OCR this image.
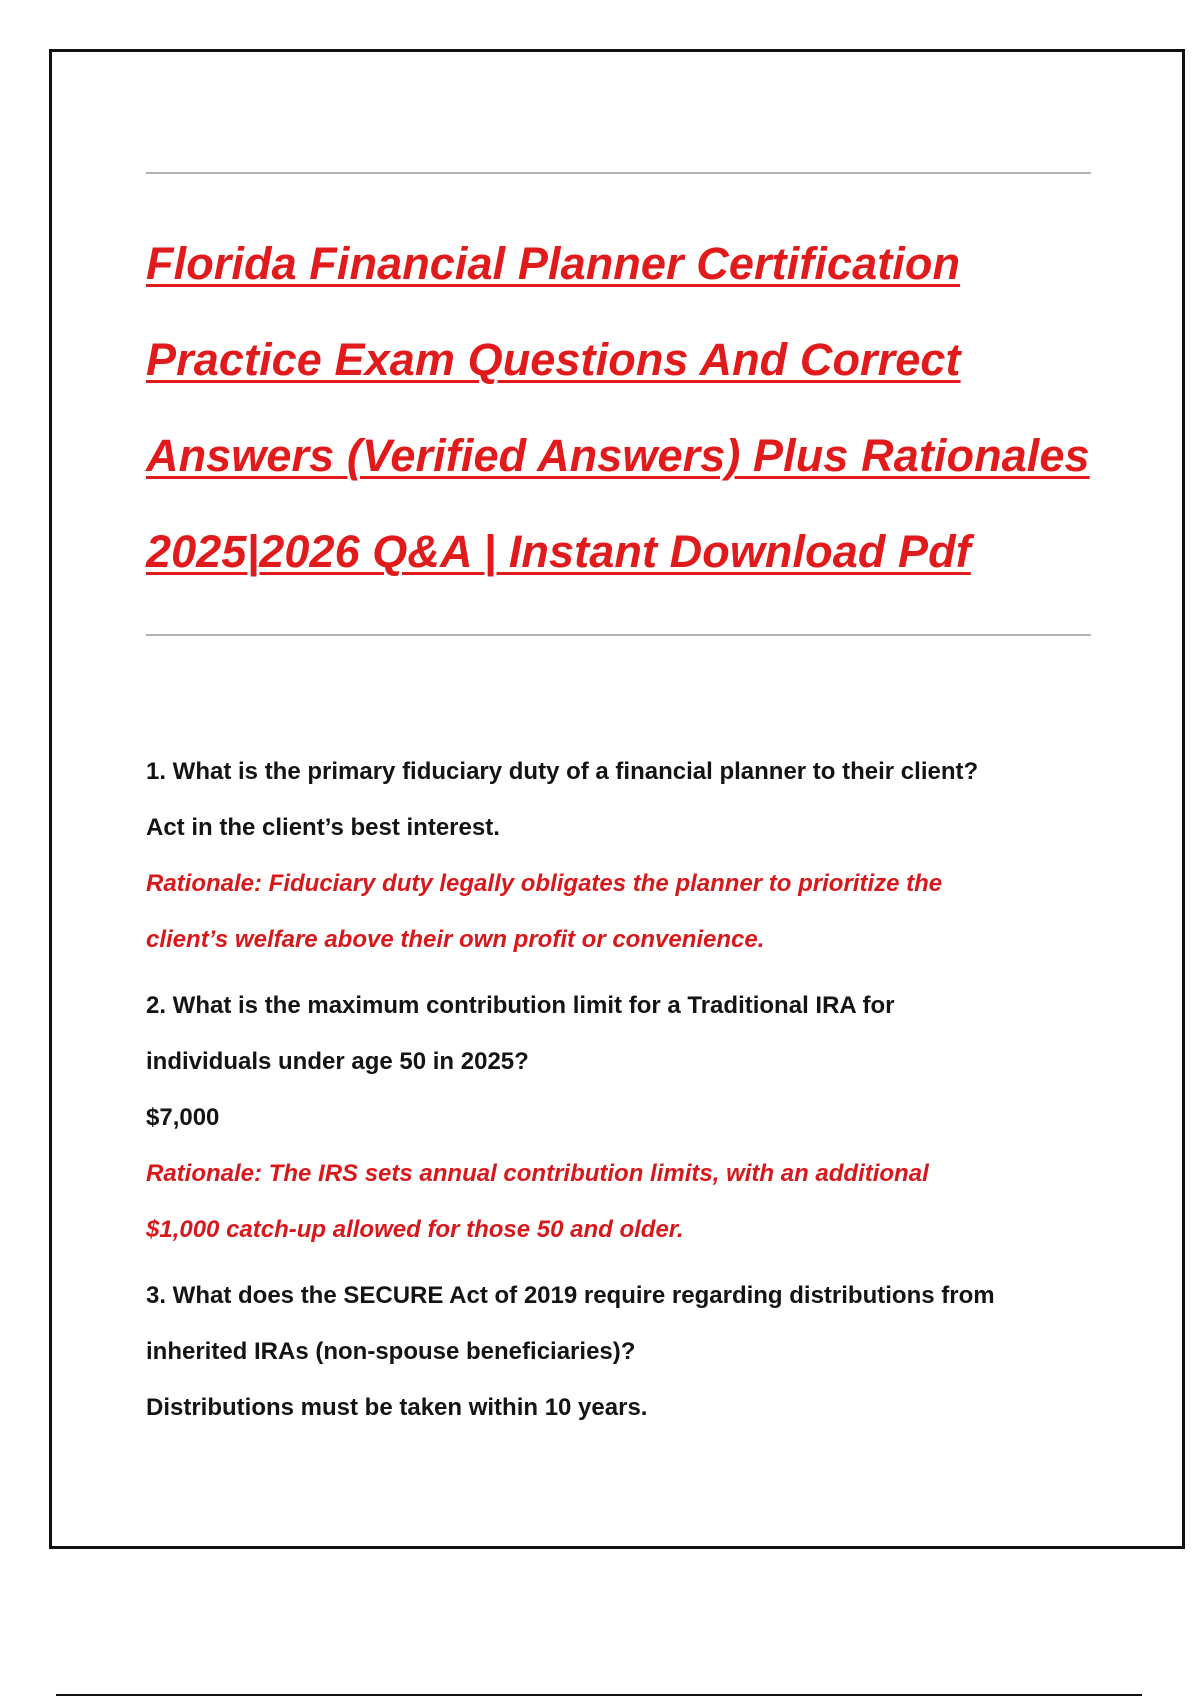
Florida Financial Planner Certification
Practice Exam Questions And Correct
Answers (Verified Answers) Plus Rationales
2025|2026 Q&A | Instant Download Pdf
1. What is the primary fiduciary duty of a financial planner to their client?
Act in the client’s best interest.
Rationale: Fiduciary duty legally obligates the planner to prioritize the
client’s welfare above their own profit or convenience.
2. What is the maximum contribution limit for a Traditional IRA for
individuals under age 50 in 2025?
$7,000
Rationale: The IRS sets annual contribution limits, with an additional
$1,000 catch-up allowed for those 50 and older.
3. What does the SECURE Act of 2019 require regarding distributions from
inherited IRAs (non-spouse beneficiaries)?
Distributions must be taken within 10 years.
